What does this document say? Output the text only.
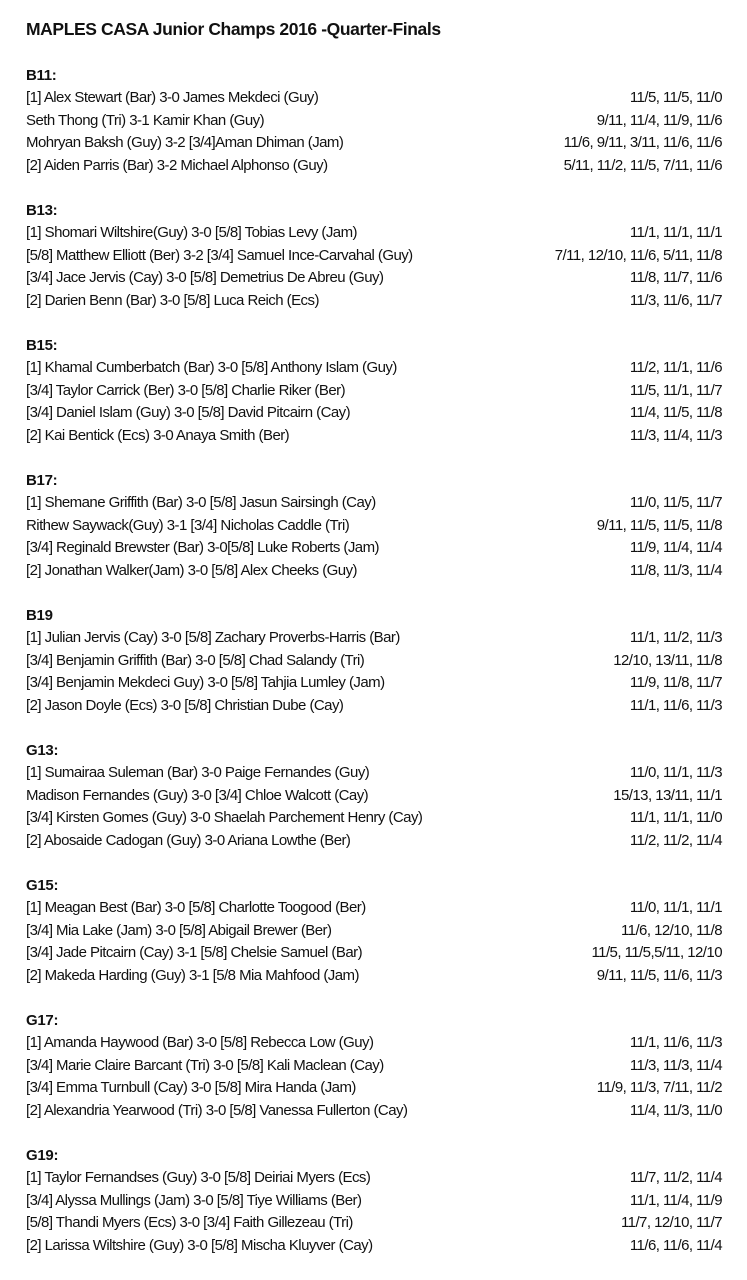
MAPLES CASA Junior Champs 2016 -Quarter-Finals
B11:
[1] Alex Stewart (Bar) 3-0 James Mekdeci (Guy)	11/5, 11/5, 11/0
Seth Thong (Tri) 3-1 Kamir Khan (Guy)	9/11, 11/4, 11/9, 11/6
Mohryan Baksh (Guy) 3-2 [3/4]Aman Dhiman (Jam)	11/6, 9/11, 3/11, 11/6, 11/6
[2] Aiden Parris (Bar) 3-2 Michael Alphonso (Guy)	5/11, 11/2, 11/5, 7/11, 11/6
B13:
[1] Shomari Wiltshire(Guy) 3-0 [5/8] Tobias Levy (Jam)	11/1, 11/1, 11/1
[5/8] Matthew Elliott (Ber) 3-2 [3/4] Samuel Ince-Carvahal (Guy)	7/11, 12/10, 11/6, 5/11, 11/8
[3/4] Jace Jervis (Cay) 3-0 [5/8] Demetrius De Abreu (Guy)	11/8, 11/7, 11/6
[2] Darien Benn (Bar) 3-0 [5/8] Luca Reich (Ecs)	11/3, 11/6, 11/7
B15:
[1] Khamal Cumberbatch (Bar) 3-0 [5/8] Anthony Islam (Guy)	11/2, 11/1, 11/6
[3/4] Taylor Carrick (Ber) 3-0 [5/8] Charlie Riker (Ber)	11/5, 11/1, 11/7
[3/4] Daniel Islam (Guy) 3-0 [5/8] David Pitcairn (Cay)	11/4, 11/5, 11/8
[2] Kai Bentick (Ecs) 3-0 Anaya Smith (Ber)	11/3, 11/4, 11/3
B17:
[1] Shemane Griffith (Bar) 3-0 [5/8] Jasun Sairsingh (Cay)	11/0, 11/5, 11/7
Rithew Saywack(Guy) 3-1 [3/4] Nicholas Caddle (Tri)	9/11, 11/5, 11/5, 11/8
[3/4] Reginald Brewster (Bar) 3-0[5/8] Luke Roberts (Jam)	11/9, 11/4, 11/4
[2] Jonathan Walker(Jam) 3-0 [5/8] Alex Cheeks (Guy)	11/8, 11/3, 11/4
B19
[1] Julian Jervis (Cay) 3-0 [5/8] Zachary Proverbs-Harris (Bar)	11/1, 11/2, 11/3
[3/4] Benjamin Griffith (Bar) 3-0 [5/8] Chad Salandy (Tri)	12/10, 13/11, 11/8
[3/4] Benjamin Mekdeci Guy) 3-0 [5/8] Tahjia Lumley (Jam)	11/9, 11/8, 11/7
[2] Jason Doyle (Ecs) 3-0 [5/8] Christian Dube (Cay)	11/1, 11/6, 11/3
G13:
[1] Sumairaa Suleman (Bar) 3-0 Paige Fernandes (Guy)	11/0, 11/1, 11/3
Madison Fernandes (Guy) 3-0 [3/4] Chloe Walcott (Cay)	15/13, 13/11, 11/1
[3/4] Kirsten Gomes (Guy) 3-0 Shaelah Parchement Henry (Cay)	11/1, 11/1, 11/0
[2] Abosaide Cadogan (Guy) 3-0 Ariana Lowthe (Ber)	11/2, 11/2, 11/4
G15:
[1] Meagan Best (Bar) 3-0 [5/8] Charlotte Toogood (Ber)	11/0, 11/1, 11/1
[3/4] Mia Lake (Jam) 3-0 [5/8] Abigail Brewer (Ber)	11/6, 12/10, 11/8
[3/4] Jade Pitcairn (Cay) 3-1 [5/8] Chelsie Samuel (Bar)	11/5, 11/5,5/11, 12/10
[2] Makeda Harding (Guy) 3-1 [5/8 Mia Mahfood (Jam)	9/11, 11/5, 11/6, 11/3
G17:
[1] Amanda Haywood (Bar) 3-0 [5/8] Rebecca Low (Guy)	11/1, 11/6, 11/3
[3/4] Marie Claire Barcant (Tri) 3-0 [5/8] Kali Maclean (Cay)	11/3, 11/3, 11/4
[3/4] Emma Turnbull (Cay) 3-0 [5/8] Mira Handa (Jam)	11/9, 11/3, 7/11, 11/2
[2] Alexandria Yearwood (Tri) 3-0 [5/8] Vanessa Fullerton (Cay)	11/4, 11/3, 11/0
G19:
[1] Taylor Fernandses (Guy) 3-0 [5/8] Deiriai Myers (Ecs)	11/7, 11/2, 11/4
[3/4] Alyssa Mullings (Jam) 3-0 [5/8] Tiye Williams (Ber)	11/1, 11/4, 11/9
[5/8] Thandi Myers (Ecs) 3-0 [3/4] Faith Gillezeau (Tri)	11/7, 12/10, 11/7
[2] Larissa Wiltshire (Guy) 3-0 [5/8] Mischa Kluyver (Cay)	11/6, 11/6, 11/4
